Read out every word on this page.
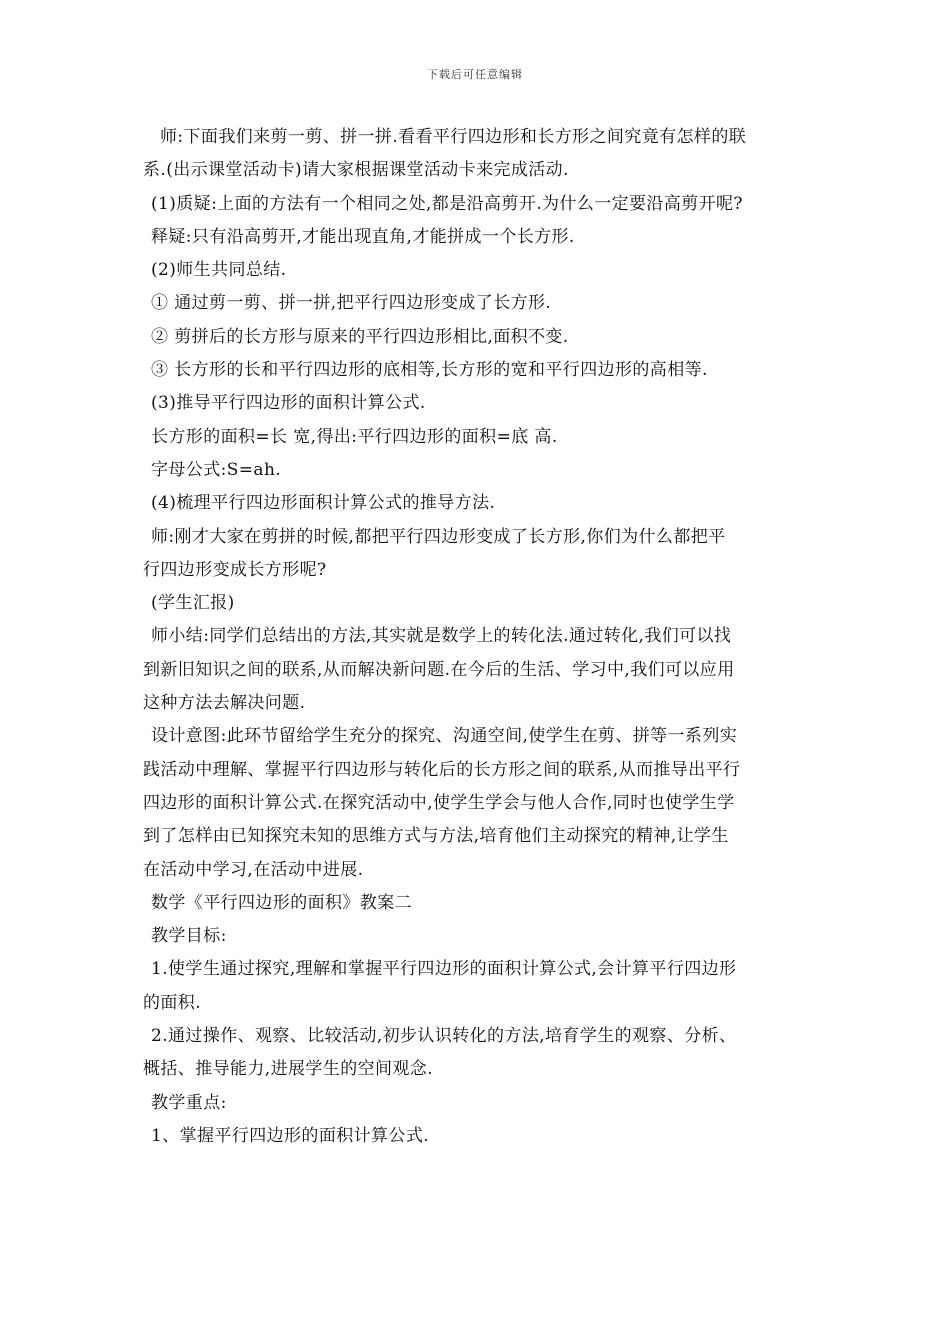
下载后可任意编辑
师:下面我们来剪一剪、拼一拼.看看平行四边形和长方形之间究竟有怎样的联
系.(出示课堂活动卡)请大家根据课堂活动卡来完成活动.
(1)质疑:上面的方法有一个相同之处,都是沿高剪开.为什么一定要沿高剪开呢?
释疑:只有沿高剪开,才能出现直角,才能拼成一个长方形.
(2)师生共同总结.
① 通过剪一剪、拼一拼,把平行四边形变成了长方形.
② 剪拼后的长方形与原来的平行四边形相比,面积不变.
③ 长方形的长和平行四边形的底相等,长方形的宽和平行四边形的高相等.
(3)推导平行四边形的面积计算公式.
长方形的面积=长 宽,得出:平行四边形的面积=底 高.
字母公式:S=ah.
(4)梳理平行四边形面积计算公式的推导方法.
师:刚才大家在剪拼的时候,都把平行四边形变成了长方形,你们为什么都把平
行四边形变成长方形呢?
(学生汇报)
师小结:同学们总结出的方法,其实就是数学上的转化法.通过转化,我们可以找
到新旧知识之间的联系,从而解决新问题.在今后的生活、学习中,我们可以应用
这种方法去解决问题.
设计意图:此环节留给学生充分的探究、沟通空间,使学生在剪、拼等一系列实
践活动中理解、掌握平行四边形与转化后的长方形之间的联系,从而推导出平行
四边形的面积计算公式.在探究活动中,使学生学会与他人合作,同时也使学生学
到了怎样由已知探究未知的思维方式与方法,培育他们主动探究的精神,让学生
在活动中学习,在活动中进展.
数学《平行四边形的面积》教案二
教学目标:
1.使学生通过探究,理解和掌握平行四边形的面积计算公式,会计算平行四边形
的面积.
2.通过操作、观察、比较活动,初步认识转化的方法,培育学生的观察、分析、
概括、推导能力,进展学生的空间观念.
教学重点:
1、掌握平行四边形的面积计算公式.
